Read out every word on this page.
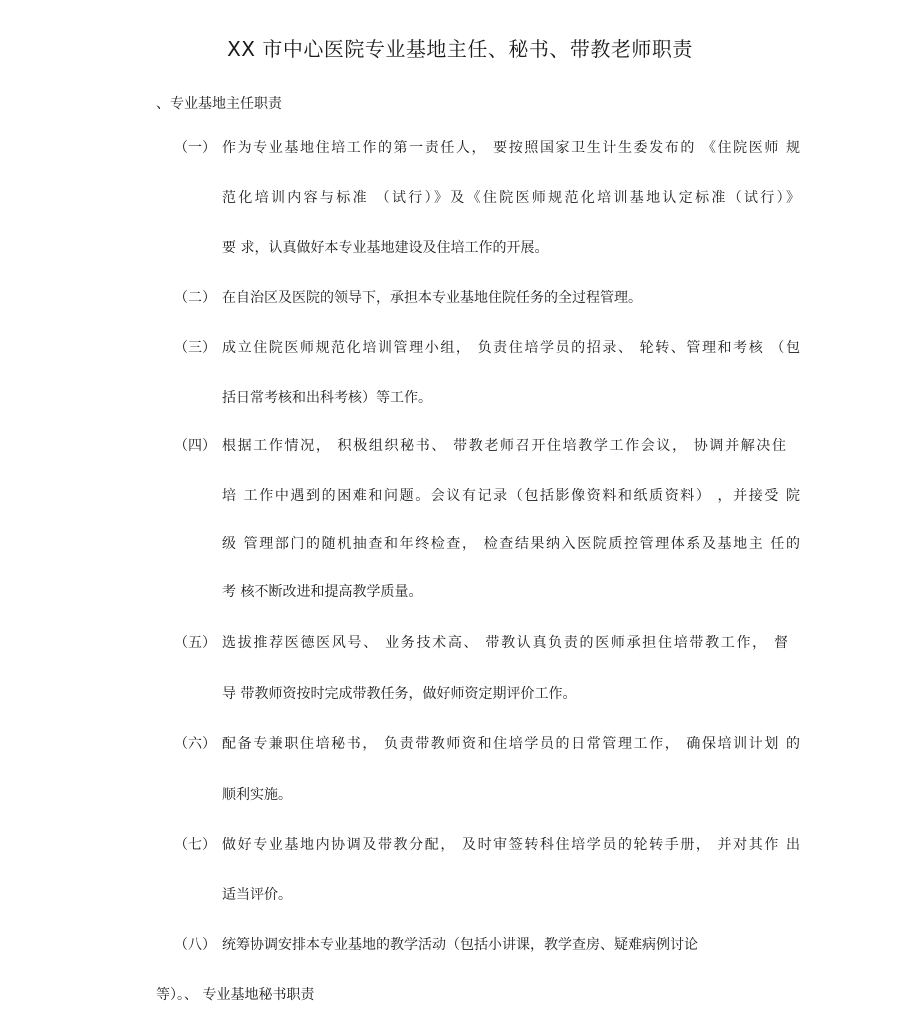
XX 市中心医院专业基地主任、秘书、带教老师职责
、专业基地主任职责
（一） 作为专业基地住培工作的第一责任人， 要按照国家卫生计生委发布的 《住院医师 规
范化培训内容与标准 （试行）》及《住院医师规范化培训基地认定标准（试行）》
要 求，认真做好本专业基地建设及住培工作的开展。
（二） 在自治区及医院的领导下，承担本专业基地住院任务的全过程管理。
（三） 成立住院医师规范化培训管理小组， 负责住培学员的招录、 轮转、管理和考核 （包
括日常考核和出科考核）等工作。
（四） 根据工作情况， 积极组织秘书、 带教老师召开住培教学工作会议， 协调并解决住
培 工作中遇到的困难和问题。会议有记录（包括影像资料和纸质资料） ，并接受 院
级 管理部门的随机抽查和年终检查， 检查结果纳入医院质控管理体系及基地主 任的
考 核不断改进和提高教学质量。
（五） 选拔推荐医德医风号、 业务技术高、 带教认真负责的医师承担住培带教工作， 督
导 带教师资按时完成带教任务，做好师资定期评价工作。
（六） 配备专兼职住培秘书， 负责带教师资和住培学员的日常管理工作， 确保培训计划 的
顺利实施。
（七） 做好专业基地内协调及带教分配， 及时审签转科住培学员的轮转手册， 并对其作 出
适当评价。
（八） 统筹协调安排本专业基地的教学活动（包括小讲课，教学查房、疑难病例讨论
等）。、 专业基地秘书职责
